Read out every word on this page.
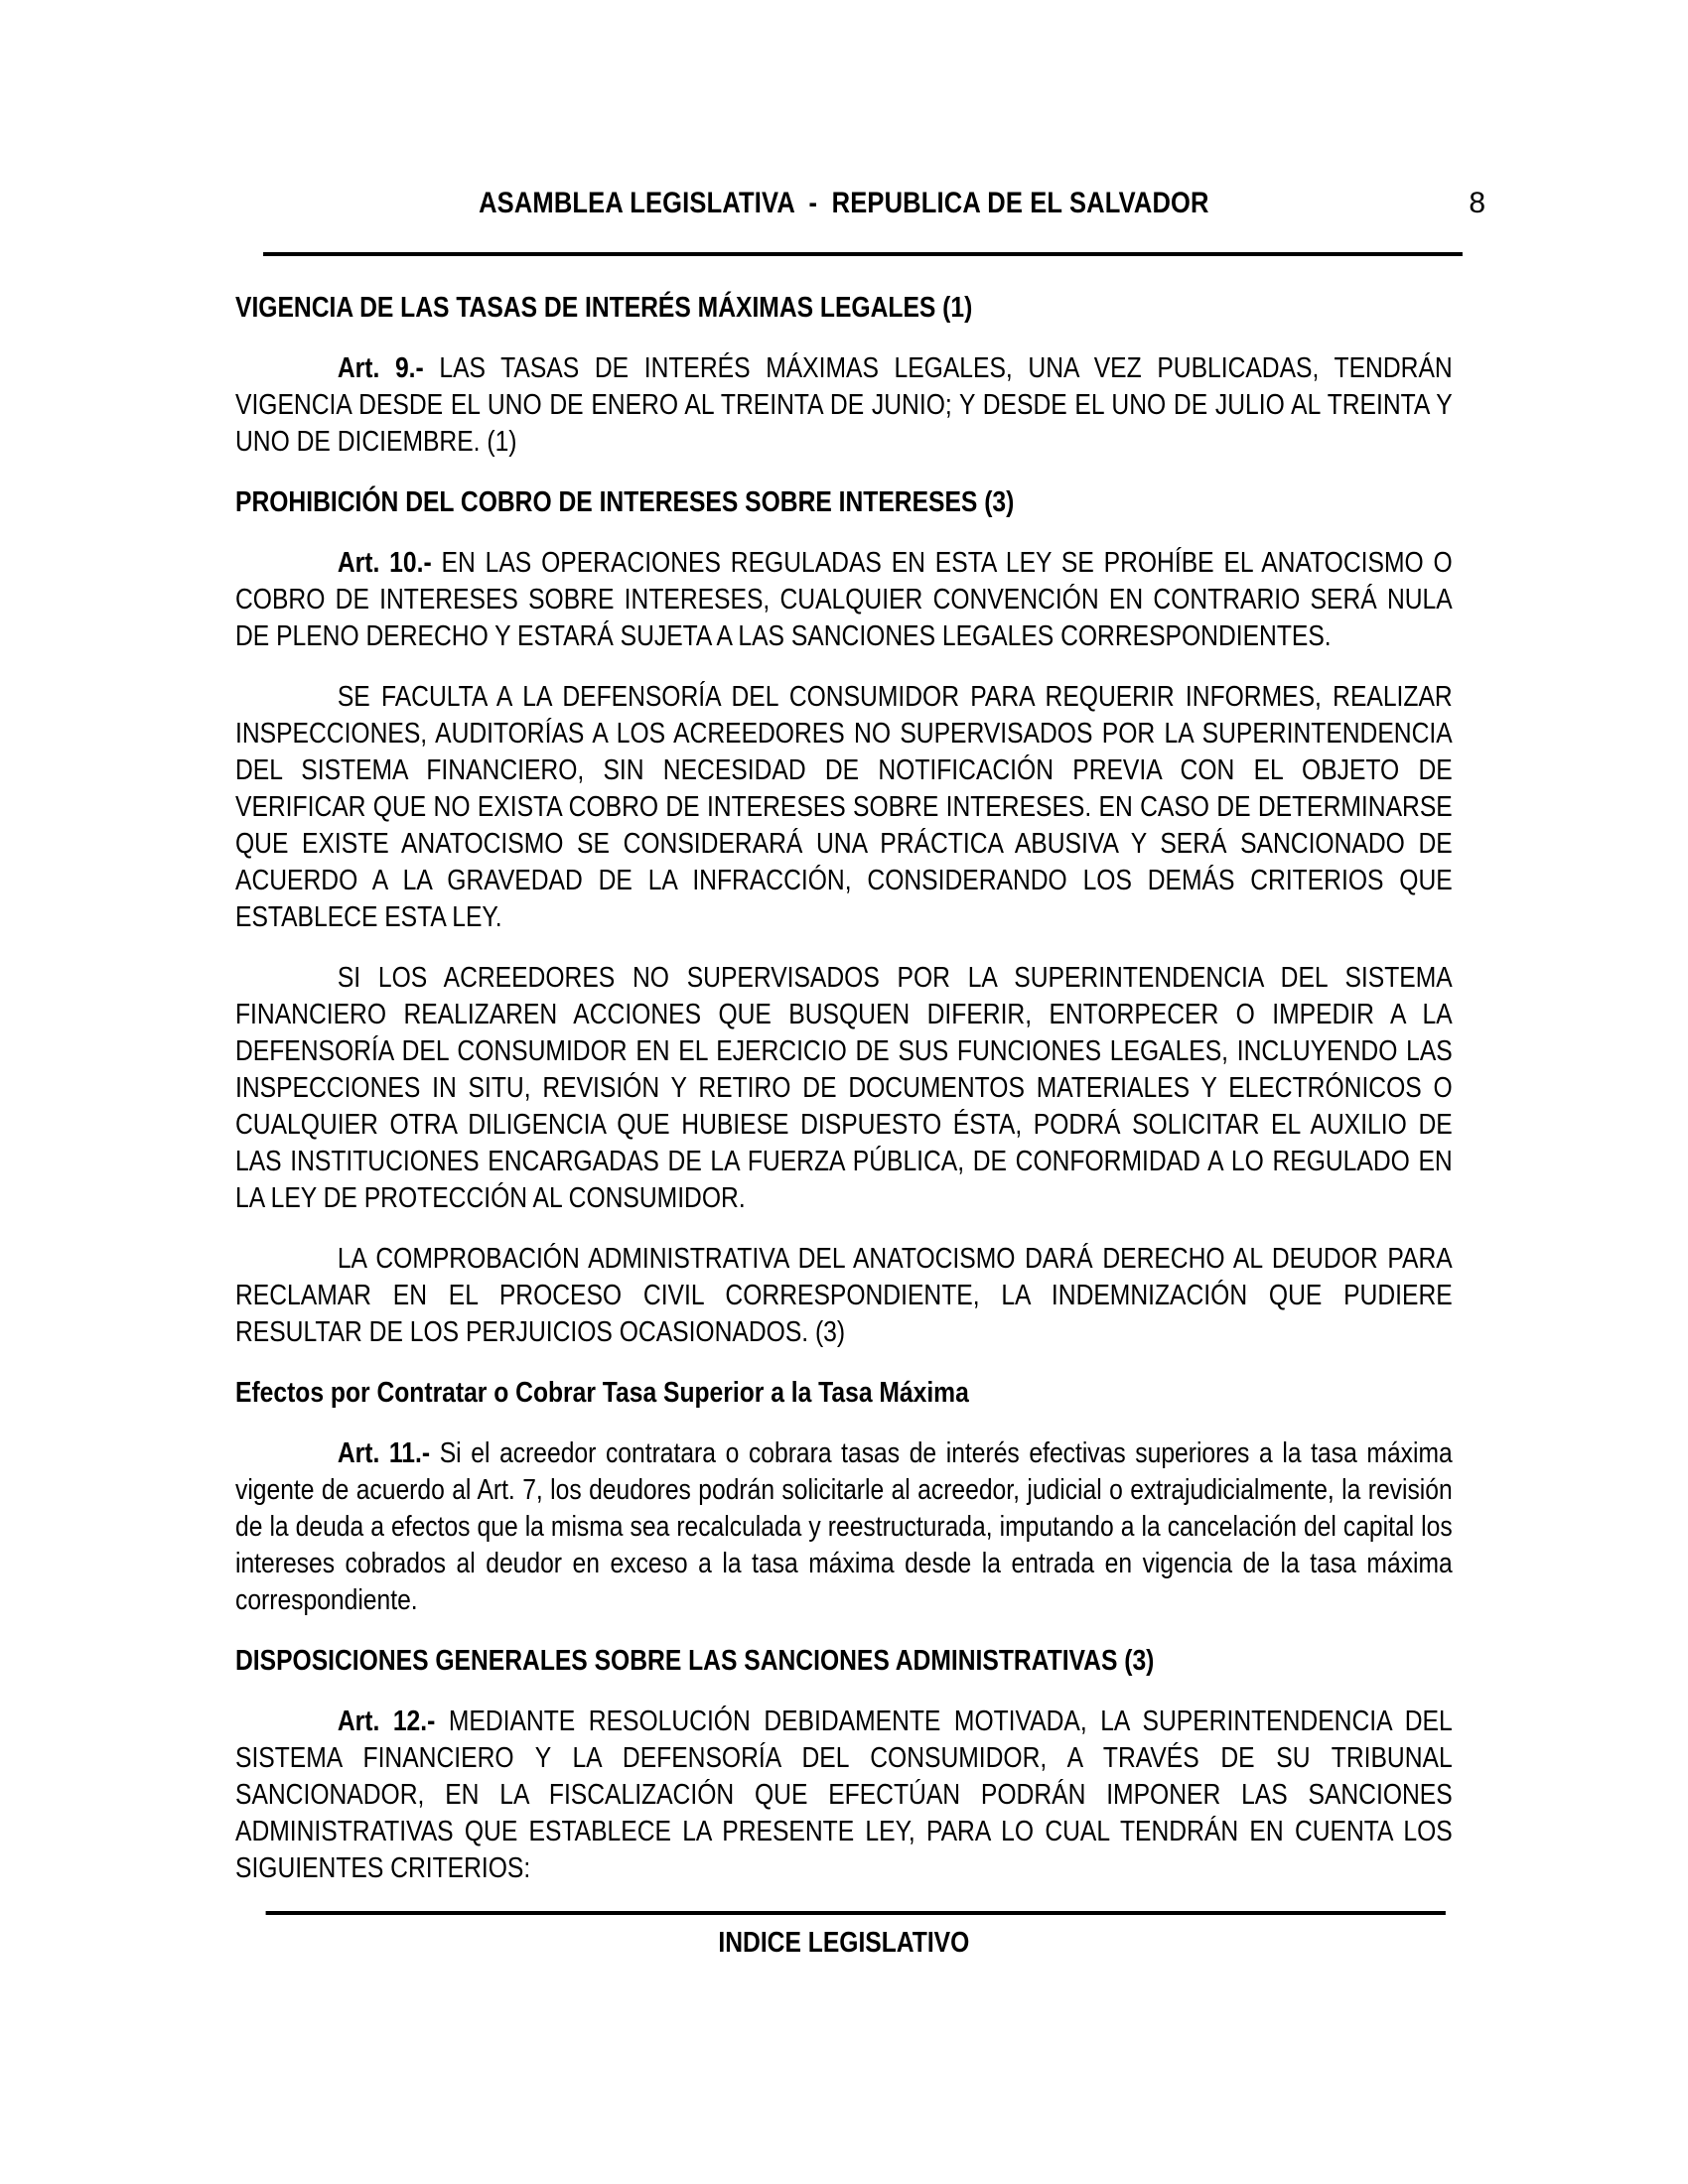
8
ASAMBLEA LEGISLATIVA  -  REPUBLICA DE EL SALVADOR
VIGENCIA DE LAS TASAS DE INTERÉS MÁXIMAS LEGALES (1)

Art. 9.- LAS TASAS DE INTERÉS MÁXIMAS LEGALES, UNA VEZ PUBLICADAS, TENDRÁN VIGENCIA DESDE EL UNO DE ENERO AL TREINTA DE JUNIO; Y DESDE EL UNO DE JULIO AL TREINTA Y UNO DE DICIEMBRE. (1)

PROHIBICIÓN DEL COBRO DE INTERESES SOBRE INTERESES (3)

Art. 10.- EN LAS OPERACIONES REGULADAS EN ESTA LEY SE PROHÍBE EL ANATOCISMO O COBRO DE INTERESES SOBRE INTERESES, CUALQUIER CONVENCIÓN EN CONTRARIO SERÁ NULA DE PLENO DERECHO Y ESTARÁ SUJETA A LAS SANCIONES LEGALES CORRESPONDIENTES.

SE FACULTA A LA DEFENSORÍA DEL CONSUMIDOR PARA REQUERIR INFORMES, REALIZAR INSPECCIONES, AUDITORÍAS A LOS ACREEDORES NO SUPERVISADOS POR LA SUPERINTENDENCIA DEL SISTEMA FINANCIERO, SIN NECESIDAD DE NOTIFICACIÓN PREVIA CON EL OBJETO DE VERIFICAR QUE NO EXISTA COBRO DE INTERESES SOBRE INTERESES. EN CASO DE DETERMINARSE QUE EXISTE ANATOCISMO SE CONSIDERARÁ UNA PRÁCTICA ABUSIVA Y SERÁ SANCIONADO DE ACUERDO A LA GRAVEDAD DE LA INFRACCIÓN, CONSIDERANDO LOS DEMÁS CRITERIOS QUE ESTABLECE ESTA LEY.

SI LOS ACREEDORES NO SUPERVISADOS POR LA SUPERINTENDENCIA DEL SISTEMA FINANCIERO REALIZAREN ACCIONES QUE BUSQUEN DIFERIR, ENTORPECER O IMPEDIR A LA DEFENSORÍA DEL CONSUMIDOR EN EL EJERCICIO DE SUS FUNCIONES LEGALES, INCLUYENDO LAS INSPECCIONES IN SITU, REVISIÓN Y RETIRO DE DOCUMENTOS MATERIALES Y ELECTRÓNICOS O CUALQUIER OTRA DILIGENCIA QUE HUBIESE DISPUESTO ÉSTA, PODRÁ SOLICITAR EL AUXILIO DE LAS INSTITUCIONES ENCARGADAS DE LA FUERZA PÚBLICA, DE CONFORMIDAD A LO REGULADO EN LA LEY DE PROTECCIÓN AL CONSUMIDOR.

LA COMPROBACIÓN ADMINISTRATIVA DEL ANATOCISMO DARÁ DERECHO AL DEUDOR PARA RECLAMAR EN EL PROCESO CIVIL CORRESPONDIENTE, LA INDEMNIZACIÓN QUE PUDIERE RESULTAR DE LOS PERJUICIOS OCASIONADOS. (3)

Efectos por Contratar o Cobrar Tasa Superior a la Tasa Máxima

Art. 11.- Si el acreedor contratara o cobrara tasas de interés efectivas superiores a la tasa máxima vigente de acuerdo al Art. 7, los deudores podrán solicitarle al acreedor, judicial o extrajudicialmente, la revisión de la deuda a efectos que la misma sea recalculada y reestructurada, imputando a la cancelación del capital los intereses cobrados al deudor en exceso a la tasa máxima desde la entrada en vigencia de la tasa máxima correspondiente.

DISPOSICIONES GENERALES SOBRE LAS SANCIONES ADMINISTRATIVAS (3)

Art. 12.- MEDIANTE RESOLUCIÓN DEBIDAMENTE MOTIVADA, LA SUPERINTENDENCIA DEL SISTEMA FINANCIERO Y LA DEFENSORÍA DEL CONSUMIDOR, A TRAVÉS DE SU TRIBUNAL SANCIONADOR, EN LA FISCALIZACIÓN QUE EFECTÚAN PODRÁN IMPONER LAS SANCIONES ADMINISTRATIVAS QUE ESTABLECE LA PRESENTE LEY, PARA LO CUAL TENDRÁN EN CUENTA LOS SIGUIENTES CRITERIOS:

INDICE LEGISLATIVO
